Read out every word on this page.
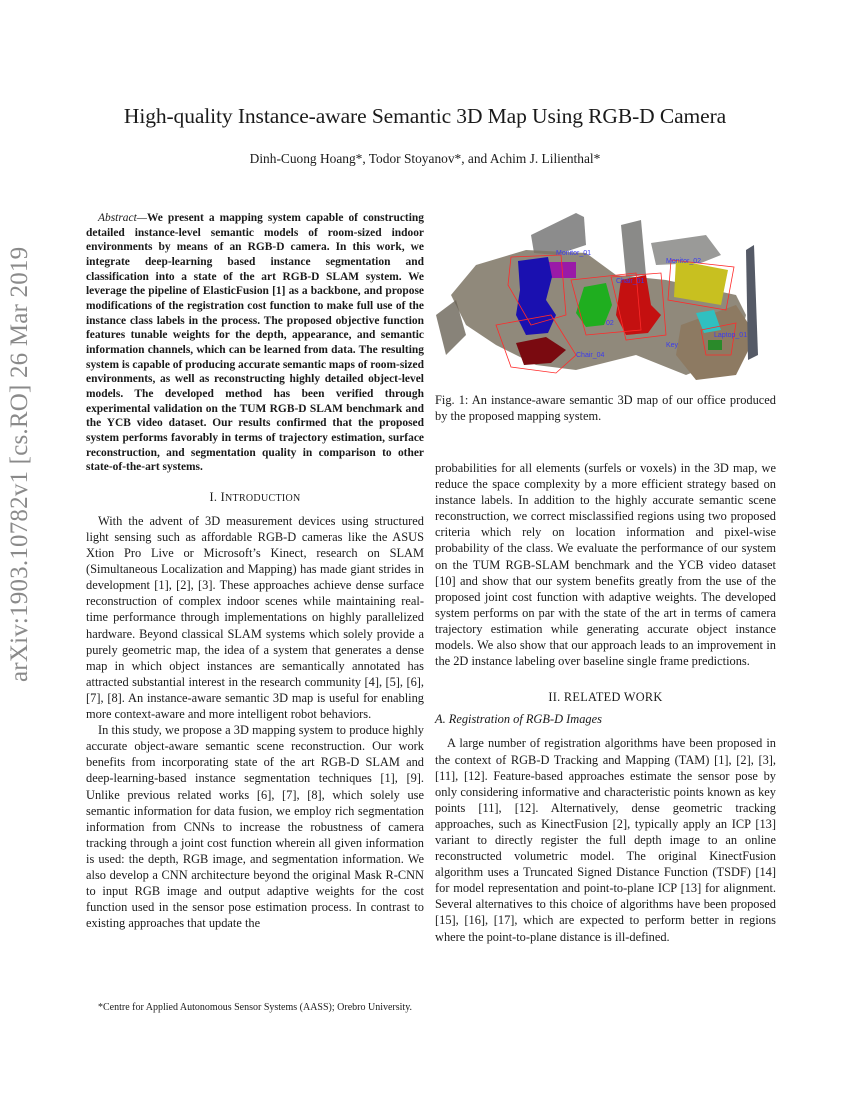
High-quality Instance-aware Semantic 3D Map Using RGB-D Camera
Dinh-Cuong Hoang*, Todor Stoyanov*, and Achim J. Lilienthal*
arXiv:1903.10782v1 [cs.RO] 26 Mar 2019

Abstract—We present a mapping system capable of constructing detailed instance-level semantic models of room-sized indoor environments by means of an RGB-D camera. In this work, we integrate deep-learning based instance segmentation and classification into a state of the art RGB-D SLAM system. We leverage the pipeline of ElasticFusion [1] as a backbone, and propose modifications of the registration cost function to make full use of the instance class labels in the process. The proposed objective function features tunable weights for the depth, appearance, and semantic information channels, which can be learned from data. The resulting system is capable of producing accurate semantic maps of room-sized environments, as well as reconstructing highly detailed object-level models. The developed method has been verified through experimental validation on the TUM RGB-D SLAM benchmark and the YCB video dataset. Our results confirmed that the proposed system performs favorably in terms of trajectory estimation, surface reconstruction, and segmentation quality in comparison to other state-of-the-art systems.

I. INTRODUCTION

With the advent of 3D measurement devices using structured light sensing such as affordable RGB-D cameras like the ASUS Xtion Pro Live or Microsoft’s Kinect, research on SLAM (Simultaneous Localization and Mapping) has made giant strides in development [1], [2], [3]. These approaches achieve dense surface reconstruction of complex indoor scenes while maintaining real-time performance through implementations on highly parallelized hardware. Beyond classical SLAM systems which solely provide a purely geometric map, the idea of a system that generates a dense map in which object instances are semantically annotated has attracted substantial interest in the research community [4], [5], [6], [7], [8]. An instance-aware semantic 3D map is useful for enabling more context-aware and more intelligent robot behaviors.

In this study, we propose a 3D mapping system to produce highly accurate object-aware semantic scene reconstruction. Our work benefits from incorporating state of the art RGB-D SLAM and deep-learning-based instance segmentation techniques [1], [9]. Unlike previous related works [6], [7], [8], which solely use semantic information for data fusion, we employ rich segmentation information from CNNs to increase the robustness of camera tracking through a joint cost function wherein all given information is used: the depth, RGB image, and segmentation information. We also develop a CNN architecture beyond the original Mask R-CNN to input RGB image and output adaptive weights for the cost function used in the sensor pose estimation process. In contrast to existing approaches that update the

*Centre for Applied Autonomous Sensor Systems (AASS); Orebro University.
Monitor_01
Monitor_02
Chair_01
02
Chair_04
Key
Laptop_01
Fig. 1: An instance-aware semantic 3D map of our office produced by the proposed mapping system.

probabilities for all elements (surfels or voxels) in the 3D map, we reduce the space complexity by a more efficient strategy based on instance labels. In addition to the highly accurate semantic scene reconstruction, we correct misclassified regions using two proposed criteria which rely on location information and pixel-wise probability of the class. We evaluate the performance of our system on the TUM RGB-SLAM benchmark and the YCB video dataset [10] and show that our system benefits greatly from the use of the proposed joint cost function with adaptive weights. The developed system performs on par with the state of the art in terms of camera trajectory estimation while generating accurate object instance models. We also show that our approach leads to an improvement in the 2D instance labeling over baseline single frame predictions.

II. RELATED WORK
A. Registration of RGB-D Images

A large number of registration algorithms have been proposed in the context of RGB-D Tracking and Mapping (TAM) [1], [2], [3], [11], [12]. Feature-based approaches estimate the sensor pose by only considering informative and characteristic points known as key points [11], [12]. Alternatively, dense geometric tracking approaches, such as KinectFusion [2], typically apply an ICP [13] variant to directly register the full depth image to an online reconstructed volumetric model. The original KinectFusion algorithm uses a Truncated Signed Distance Function (TSDF) [14] for model representation and point-to-plane ICP [13] for alignment. Several alternatives to this choice of algorithms have been proposed [15], [16], [17], which are expected to perform better in regions where the point-to-plane distance is ill-defined.
